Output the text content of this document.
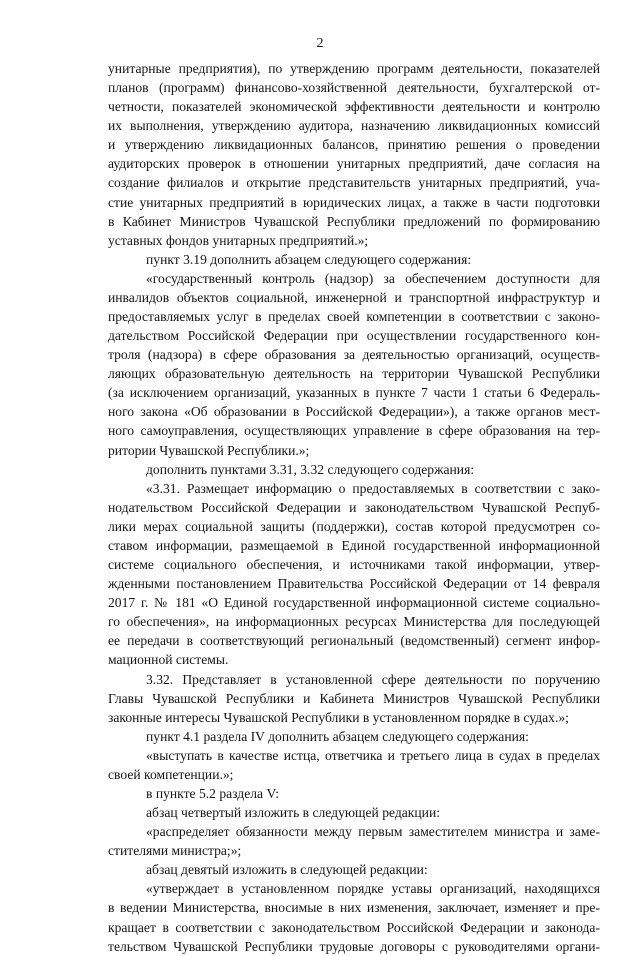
2
унитарные предприятия), по утверждению программ деятельности, показателей
планов (программ) финансово-хозяйственной деятельности, бухгалтерской от-
четности, показателей экономической эффективности деятельности и контролю
их выполнения, утверждению аудитора, назначению ликвидационных комиссий
и утверждению ликвидационных балансов, принятию решения о проведении
аудиторских проверок в отношении унитарных предприятий, даче согласия на
создание филиалов и открытие представительств унитарных предприятий, уча-
стие унитарных предприятий в юридических лицах, а также в части подготовки
в Кабинет Министров Чувашской Республики предложений по формированию
уставных фондов унитарных предприятий.»;
пункт 3.19 дополнить абзацем следующего содержания:
«государственный контроль (надзор) за обеспечением доступности для
инвалидов объектов социальной, инженерной и транспортной инфраструктур и
предоставляемых услуг в пределах своей компетенции в соответствии с законо-
дательством Российской Федерации при осуществлении государственного кон-
троля (надзора) в сфере образования за деятельностью организаций, осуществ-
ляющих образовательную деятельность на территории Чувашской Республики
(за исключением организаций, указанных в пункте 7 части 1 статьи 6 Федераль-
ного закона «Об образовании в Российской Федерации»), а также органов мест-
ного самоуправления, осуществляющих управление в сфере образования на тер-
ритории Чувашской Республики.»;
дополнить пунктами 3.31, 3.32 следующего содержания:
«3.31. Размещает информацию о предоставляемых в соответствии с зако-
нодательством Российской Федерации и законодательством Чувашской Респуб-
лики мерах социальной защиты (поддержки), состав которой предусмотрен со-
ставом информации, размещаемой в Единой государственной информационной
системе социального обеспечения, и источниками такой информации, утвер-
жденными постановлением Правительства Российской Федерации от 14 февраля
2017 г. № 181 «О Единой государственной информационной системе социально-
го обеспечения», на информационных ресурсах Министерства для последующей
ее передачи в соответствующий региональный (ведомственный) сегмент инфор-
мационной системы.
3.32. Представляет в установленной сфере деятельности по поручению
Главы Чувашской Республики и Кабинета Министров Чувашской Республики
законные интересы Чувашской Республики в установленном порядке в судах.»;
пункт 4.1 раздела IV дополнить абзацем следующего содержания:
«выступать в качестве истца, ответчика и третьего лица в судах в пределах
своей компетенции.»;
в пункте 5.2 раздела V:
абзац четвертый изложить в следующей редакции:
«распределяет обязанности между первым заместителем министра и заме-
стителями министра;»;
абзац девятый изложить в следующей редакции:
«утверждает в установленном порядке уставы организаций, находящихся
в ведении Министерства, вносимые в них изменения, заключает, изменяет и пре-
кращает в соответствии с законодательством Российской Федерации и законода-
тельством Чувашской Республики трудовые договоры с руководителями органи-
